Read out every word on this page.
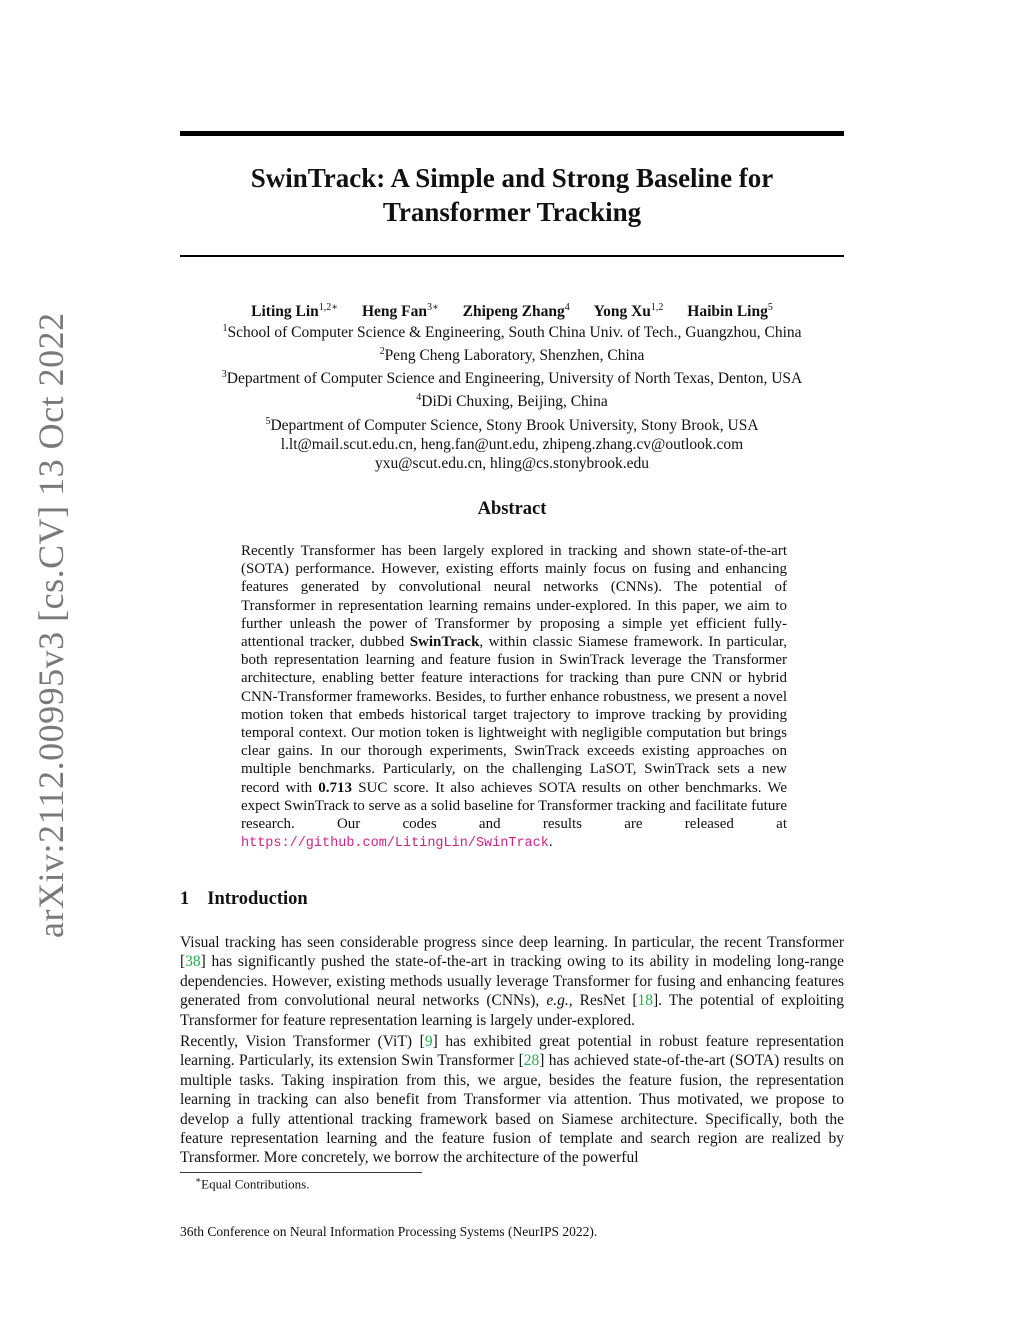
arXiv:2112.00995v3 [cs.CV] 13 Oct 2022
SwinTrack: A Simple and Strong Baseline for
Transformer Tracking
Liting Lin$^{1,2∗}$ Heng Fan$^{3∗}$ Zhipeng Zhang$^4$ Yong Xu$^{1,2}$ Haibin Ling$^5$
$^1$School of Computer Science & Engineering, South China Univ. of Tech., Guangzhou, China
$^2$Peng Cheng Laboratory, Shenzhen, China
$^3$Department of Computer Science and Engineering, University of North Texas, Denton, USA
$^4$DiDi Chuxing, Beijing, China
$^5$Department of Computer Science, Stony Brook University, Stony Brook, USA
l.lt@mail.scut.edu.cn, heng.fan@unt.edu, zhipeng.zhang.cv@outlook.com
yxu@scut.edu.cn, hling@cs.stonybrook.edu
Abstract
Recently Transformer has been largely explored in tracking and shown state-of-the-art (SOTA) performance. However, existing efforts mainly focus on fusing and enhancing features generated by convolutional neural networks (CNNs). The potential of Transformer in representation learning remains under-explored. In this paper, we aim to further unleash the power of Transformer by proposing a simple yet efficient fully-attentional tracker, dubbed SwinTrack, within classic Siamese framework. In particular, both representation learning and feature fusion in SwinTrack leverage the Transformer architecture, enabling better feature interactions for tracking than pure CNN or hybrid CNN-Transformer frameworks. Besides, to further enhance robustness, we present a novel motion token that embeds historical target trajectory to improve tracking by providing temporal context. Our motion token is lightweight with negligible computation but brings clear gains. In our thorough experiments, SwinTrack exceeds existing approaches on multiple benchmarks. Particularly, on the challenging LaSOT, SwinTrack sets a new record with 0.713 SUC score. It also achieves SOTA results on other benchmarks. We expect SwinTrack to serve as a solid baseline for Transformer tracking and facilitate future research. Our codes and results are released at https://github.com/LitingLin/SwinTrack.
1 Introduction
Visual tracking has seen considerable progress since deep learning. In particular, the recent Transformer [38] has significantly pushed the state-of-the-art in tracking owing to its ability in modeling long-range dependencies. However, existing methods usually leverage Transformer for fusing and enhancing features generated from convolutional neural networks (CNNs), e.g., ResNet [18]. The potential of exploiting Transformer for feature representation learning is largely under-explored.
Recently, Vision Transformer (ViT) [9] has exhibited great potential in robust feature representation learning. Particularly, its extension Swin Transformer [28] has achieved state-of-the-art (SOTA) results on multiple tasks. Taking inspiration from this, we argue, besides the feature fusion, the representation learning in tracking can also benefit from Transformer via attention. Thus motivated, we propose to develop a fully attentional tracking framework based on Siamese architecture. Specifically, both the feature representation learning and the feature fusion of template and search region are realized by Transformer. More concretely, we borrow the architecture of the powerful
∗Equal Contributions.
36th Conference on Neural Information Processing Systems (NeurIPS 2022).
